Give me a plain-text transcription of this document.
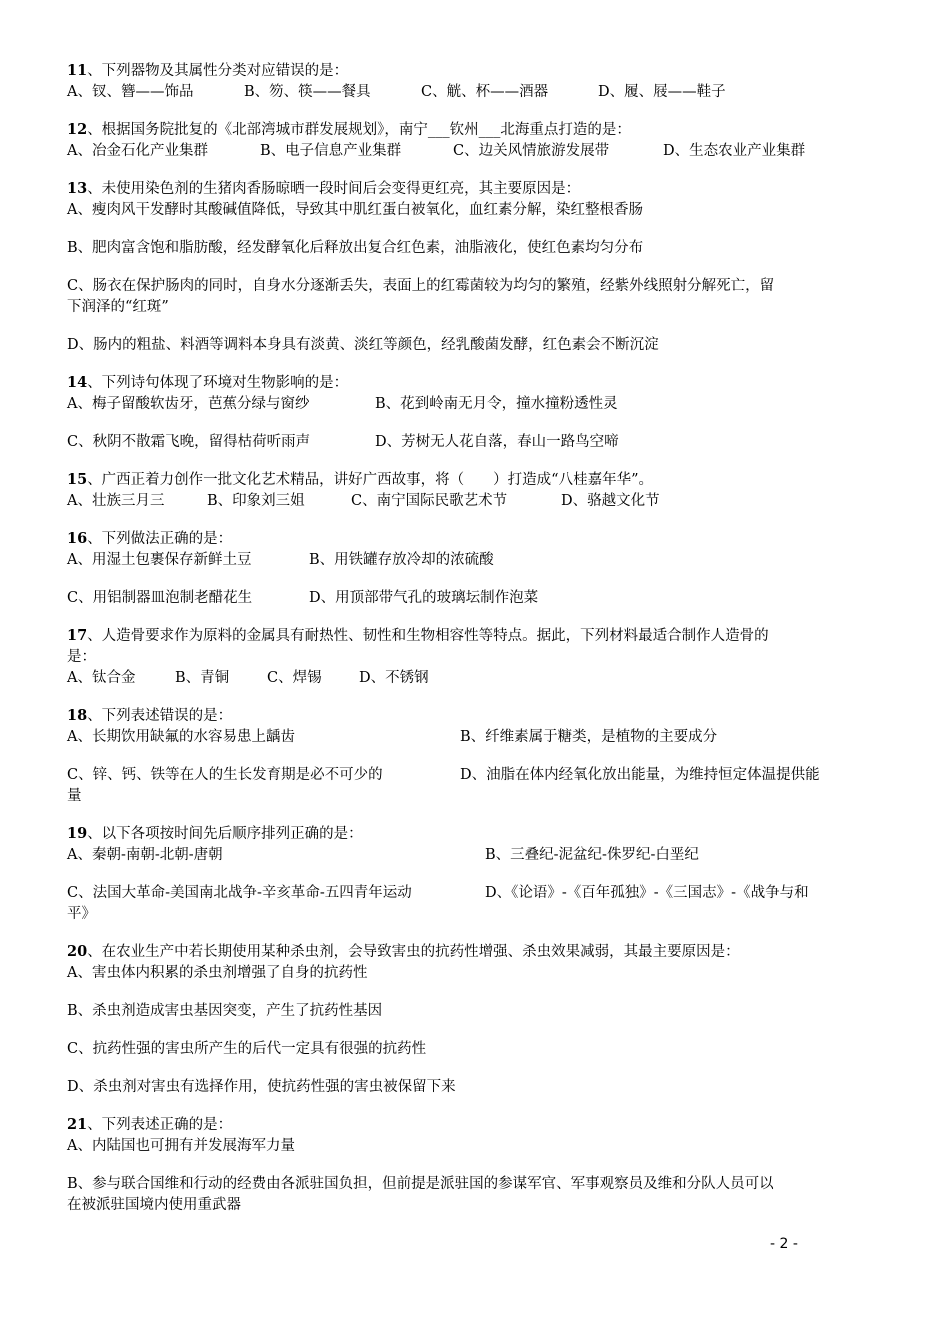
11、下列器物及其属性分类对应错误的是：

A、钗、簪——饰品	B、笏、筷——餐具	C、觥、杯——酒器	D、履、屐——鞋子

12、根据国务院批复的《北部湾城市群发展规划》，南宁___钦州___北海重点打造的是：

A、冶金石化产业集群	B、电子信息产业集群	C、边关风情旅游发展带	D、生态农业产业集群

13、未使用染色剂的生猪肉香肠晾晒一段时间后会变得更红亮，其主要原因是：

A、瘦肉风干发酵时其酸碱值降低，导致其中肌红蛋白被氧化，血红素分解，染红整根香肠

B、肥肉富含饱和脂肪酸，经发酵氧化后释放出复合红色素，油脂液化，使红色素均匀分布

C、肠衣在保护肠肉的同时，自身水分逐渐丢失，表面上的红霉菌较为均匀的繁殖，经紫外线照射分解死亡，留

下润泽的“红斑”

D、肠内的粗盐、料酒等调料本身具有淡黄、淡红等颜色，经乳酸菌发酵，红色素会不断沉淀

14、下列诗句体现了环境对生物影响的是：

A、梅子留酸软齿牙，芭蕉分绿与窗纱	B、花到岭南无月令，撞水撞粉透性灵

C、秋阴不散霜飞晚，留得枯荷听雨声	D、芳树无人花自落，春山一路鸟空啼

15、广西正着力创作一批文化艺术精品，讲好广西故事，将（　　）打造成“八桂嘉年华”。

A、壮族三月三	B、印象刘三姐	C、南宁国际民歌艺术节	D、骆越文化节

16、下列做法正确的是：

A、用湿土包裹保存新鲜土豆	B、用铁罐存放冷却的浓硫酸

C、用铝制器皿泡制老醋花生	D、用顶部带气孔的玻璃坛制作泡菜

17、人造骨要求作为原料的金属具有耐热性、韧性和生物相容性等特点。据此，下列材料最适合制作人造骨的

是：

A、钛合金	B、青铜	C、焊锡	D、不锈钢

18、下列表述错误的是：

A、长期饮用缺氟的水容易患上龋齿	B、纤维素属于糖类，是植物的主要成分

C、锌、钙、铁等在人的生长发育期是必不可少的	D、油脂在体内经氧化放出能量，为维持恒定体温提供能

量

19、以下各项按时间先后顺序排列正确的是：

A、秦朝-南朝-北朝-唐朝	B、三叠纪-泥盆纪-侏罗纪-白垩纪

C、法国大革命-美国南北战争-辛亥革命-五四青年运动	D、《论语》-《百年孤独》-《三国志》-《战争与和

平》

20、在农业生产中若长期使用某种杀虫剂，会导致害虫的抗药性增强、杀虫效果减弱，其最主要原因是：

A、害虫体内积累的杀虫剂增强了自身的抗药性

B、杀虫剂造成害虫基因突变，产生了抗药性基因

C、抗药性强的害虫所产生的后代一定具有很强的抗药性

D、杀虫剂对害虫有选择作用，使抗药性强的害虫被保留下来

21、下列表述正确的是：

A、内陆国也可拥有并发展海军力量

B、参与联合国维和行动的经费由各派驻国负担，但前提是派驻国的参谋军官、军事观察员及维和分队人员可以

在被派驻国境内使用重武器

- 2 -
